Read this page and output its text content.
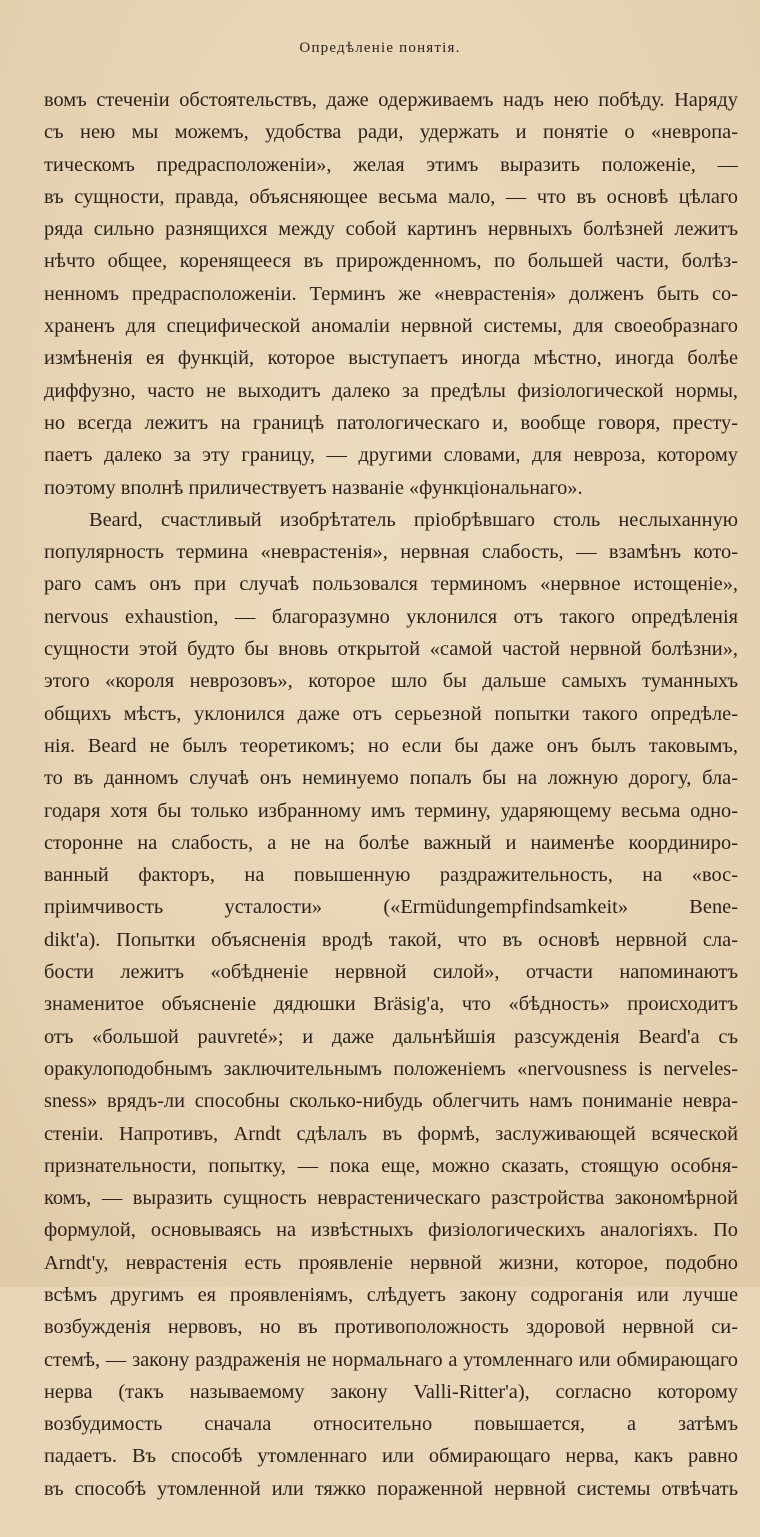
Опредѣленіе понятія.
вомъ стеченіи обстоятельствъ, даже одерживаемъ надъ нею побѣду. Наряду
съ нею мы можемъ, удобства ради, удержать и понятіе о «невропа-
тическомъ предрасположеніи», желая этимъ выразить положеніе, —
въ сущности, правда, объясняющее весьма мало, — что въ основѣ цѣлаго
ряда сильно разнящихся между собой картинъ нервныхъ болѣзней лежитъ
нѣчто общее, коренящееся въ прирожденномъ, по большей части, болѣз-
ненномъ предрасположеніи. Терминъ же «неврастенія» долженъ быть со-
храненъ для специфической аномаліи нервной системы, для своеобразнаго
измѣненія ея функцій, которое выступаетъ иногда мѣстно, иногда болѣе
диффузно, часто не выходитъ далеко за предѣлы физіологической нормы,
но всегда лежитъ на границѣ патологическаго и, вообще говоря, престу-
паетъ далеко за эту границу, — другими словами, для невроза, которому
поэтому вполнѣ приличествуетъ названіе «функціональнаго».
Beard, счастливый изобрѣтатель пріобрѣвшаго столь неслыханную
популярность термина «неврастенія», нервная слабость, — взамѣнъ кото-
раго самъ онъ при случаѣ пользовался терминомъ «нервное истощеніе»,
nervous exhaustion, — благоразумно уклонился отъ такого опредѣленія
сущности этой будто бы вновь открытой «самой частой нервной болѣзни»,
этого «короля неврозовъ», которое шло бы дальше самыхъ туманныхъ
общихъ мѣстъ, уклонился даже отъ серьезной попытки такого опредѣле-
нія. Beard не былъ теоретикомъ; но если бы даже онъ былъ таковымъ,
то въ данномъ случаѣ онъ неминуемо попалъ бы на ложную дорогу, бла-
годаря хотя бы только избранному имъ термину, ударяющему весьма одно-
сторонне на слабость, а не на болѣе важный и наименѣе координиро-
ванный факторъ, на повышенную раздражительность, на «вос-
пріимчивость усталости» («Ermüdungempfindsamkeit» Bene-
dikt'а). Попытки объясненія вродѣ такой, что въ основѣ нервной сла-
бости лежитъ «обѣдненіе нервной силой», отчасти напоминаютъ
знаменитое объясненіе дядюшки Bräsig'а, что «бѣдность» происходитъ
отъ «большой pauvreté»; и даже дальнѣйшія разсужденія Beard'а съ
оракулоподобнымъ заключительнымъ положеніемъ «nervousness is nerveles-
sness» врядъ-ли способны сколько-нибудь облегчить намъ пониманіе невра-
стеніи. Напротивъ, Arndt сдѣлалъ въ формѣ, заслуживающей всяческой
признательности, попытку, — пока еще, можно сказать, стоящую особня-
комъ, — выразить сущность неврастеническаго разстройства закономѣрной
формулой, основываясь на извѣстныхъ физіологическихъ аналогіяхъ. По
Arndt'у, неврастенія есть проявленіе нервной жизни, которое, подобно
всѣмъ другимъ ея проявленіямъ, слѣдуетъ закону содроганія или лучше
возбужденія нервовъ, но въ противоположность здоровой нервной си-
стемѣ, — закону раздраженія не нормальнаго а утомленнаго или обмирающаго
нерва (такъ называемому закону Valli-Ritter'а), согласно которому
возбудимость сначала относительно повышается, а затѣмъ
падаетъ. Въ способѣ утомленнаго или обмирающаго нерва, какъ равно
въ способѣ утомленной или тяжко пораженной нервной системы отвѣчать
